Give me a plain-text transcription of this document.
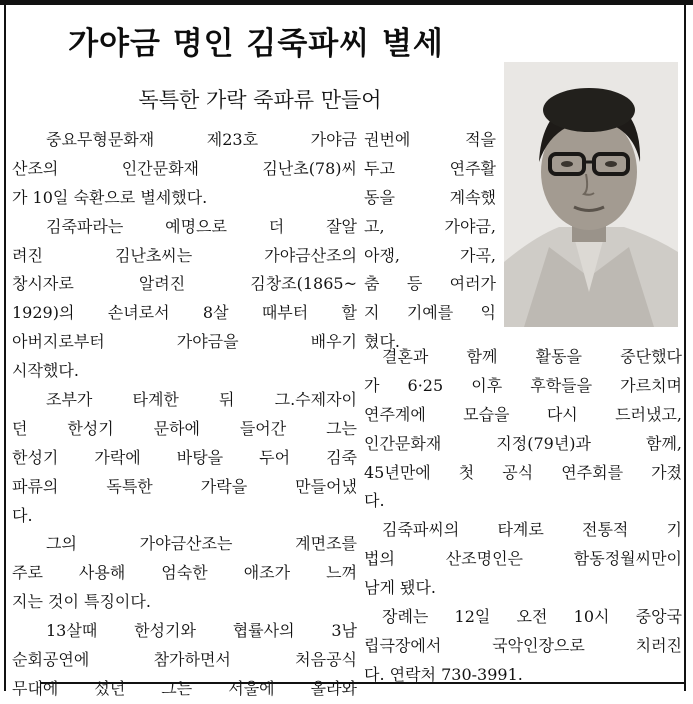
가야금 명인 김죽파씨 별세
독특한 가락 죽파류 만들어
중요무형문화재 제23호 가야금
산조의 인간문화재 김난초(78)씨
가 10일 숙환으로 별세했다.
김죽파라는 예명으로 더 잘알
려진 김난초씨는 가야금산조의
창시자로 알려진 김창조(1865~
1929)의 손녀로서 8살 때부터 할
아버지로부터 가야금을 배우기
시작했다.
조부가 타계한 뒤 그.수제자이
던 한성기 문하에 들어간 그는
한성기 가락에 바탕을 두어 김죽
파류의 독특한 가락을 만들어냈
다.
그의 가야금산조는 계면조를
주로 사용해 엄숙한 애조가 느껴
지는 것이 특징이다.
13살때 한성기와 협률사의 3남
순회공연에 참가하면서 처음공식
무대에 섰던 그는 서울에 올라와
권번에 적을
두고 연주활
동을 계속했
고, 가야금,
아쟁, 가곡,
춤 등 여러가
지 기예를 익
혔다.
결혼과 함께 활동을 중단했다
가 6·25 이후 후학들을 가르치며
연주계에 모습을 다시 드러냈고,
인간문화재 지정(79년)과 함께,
45년만에 첫 공식 연주회를 가졌
다.
김죽파씨의 타계로 전통적 기
법의 산조명인은 함동정월씨만이
남게 됐다.
장례는 12일 오전 10시 중앙국
립극장에서 국악인장으로 치러진
다. 연락처 730-3991.
